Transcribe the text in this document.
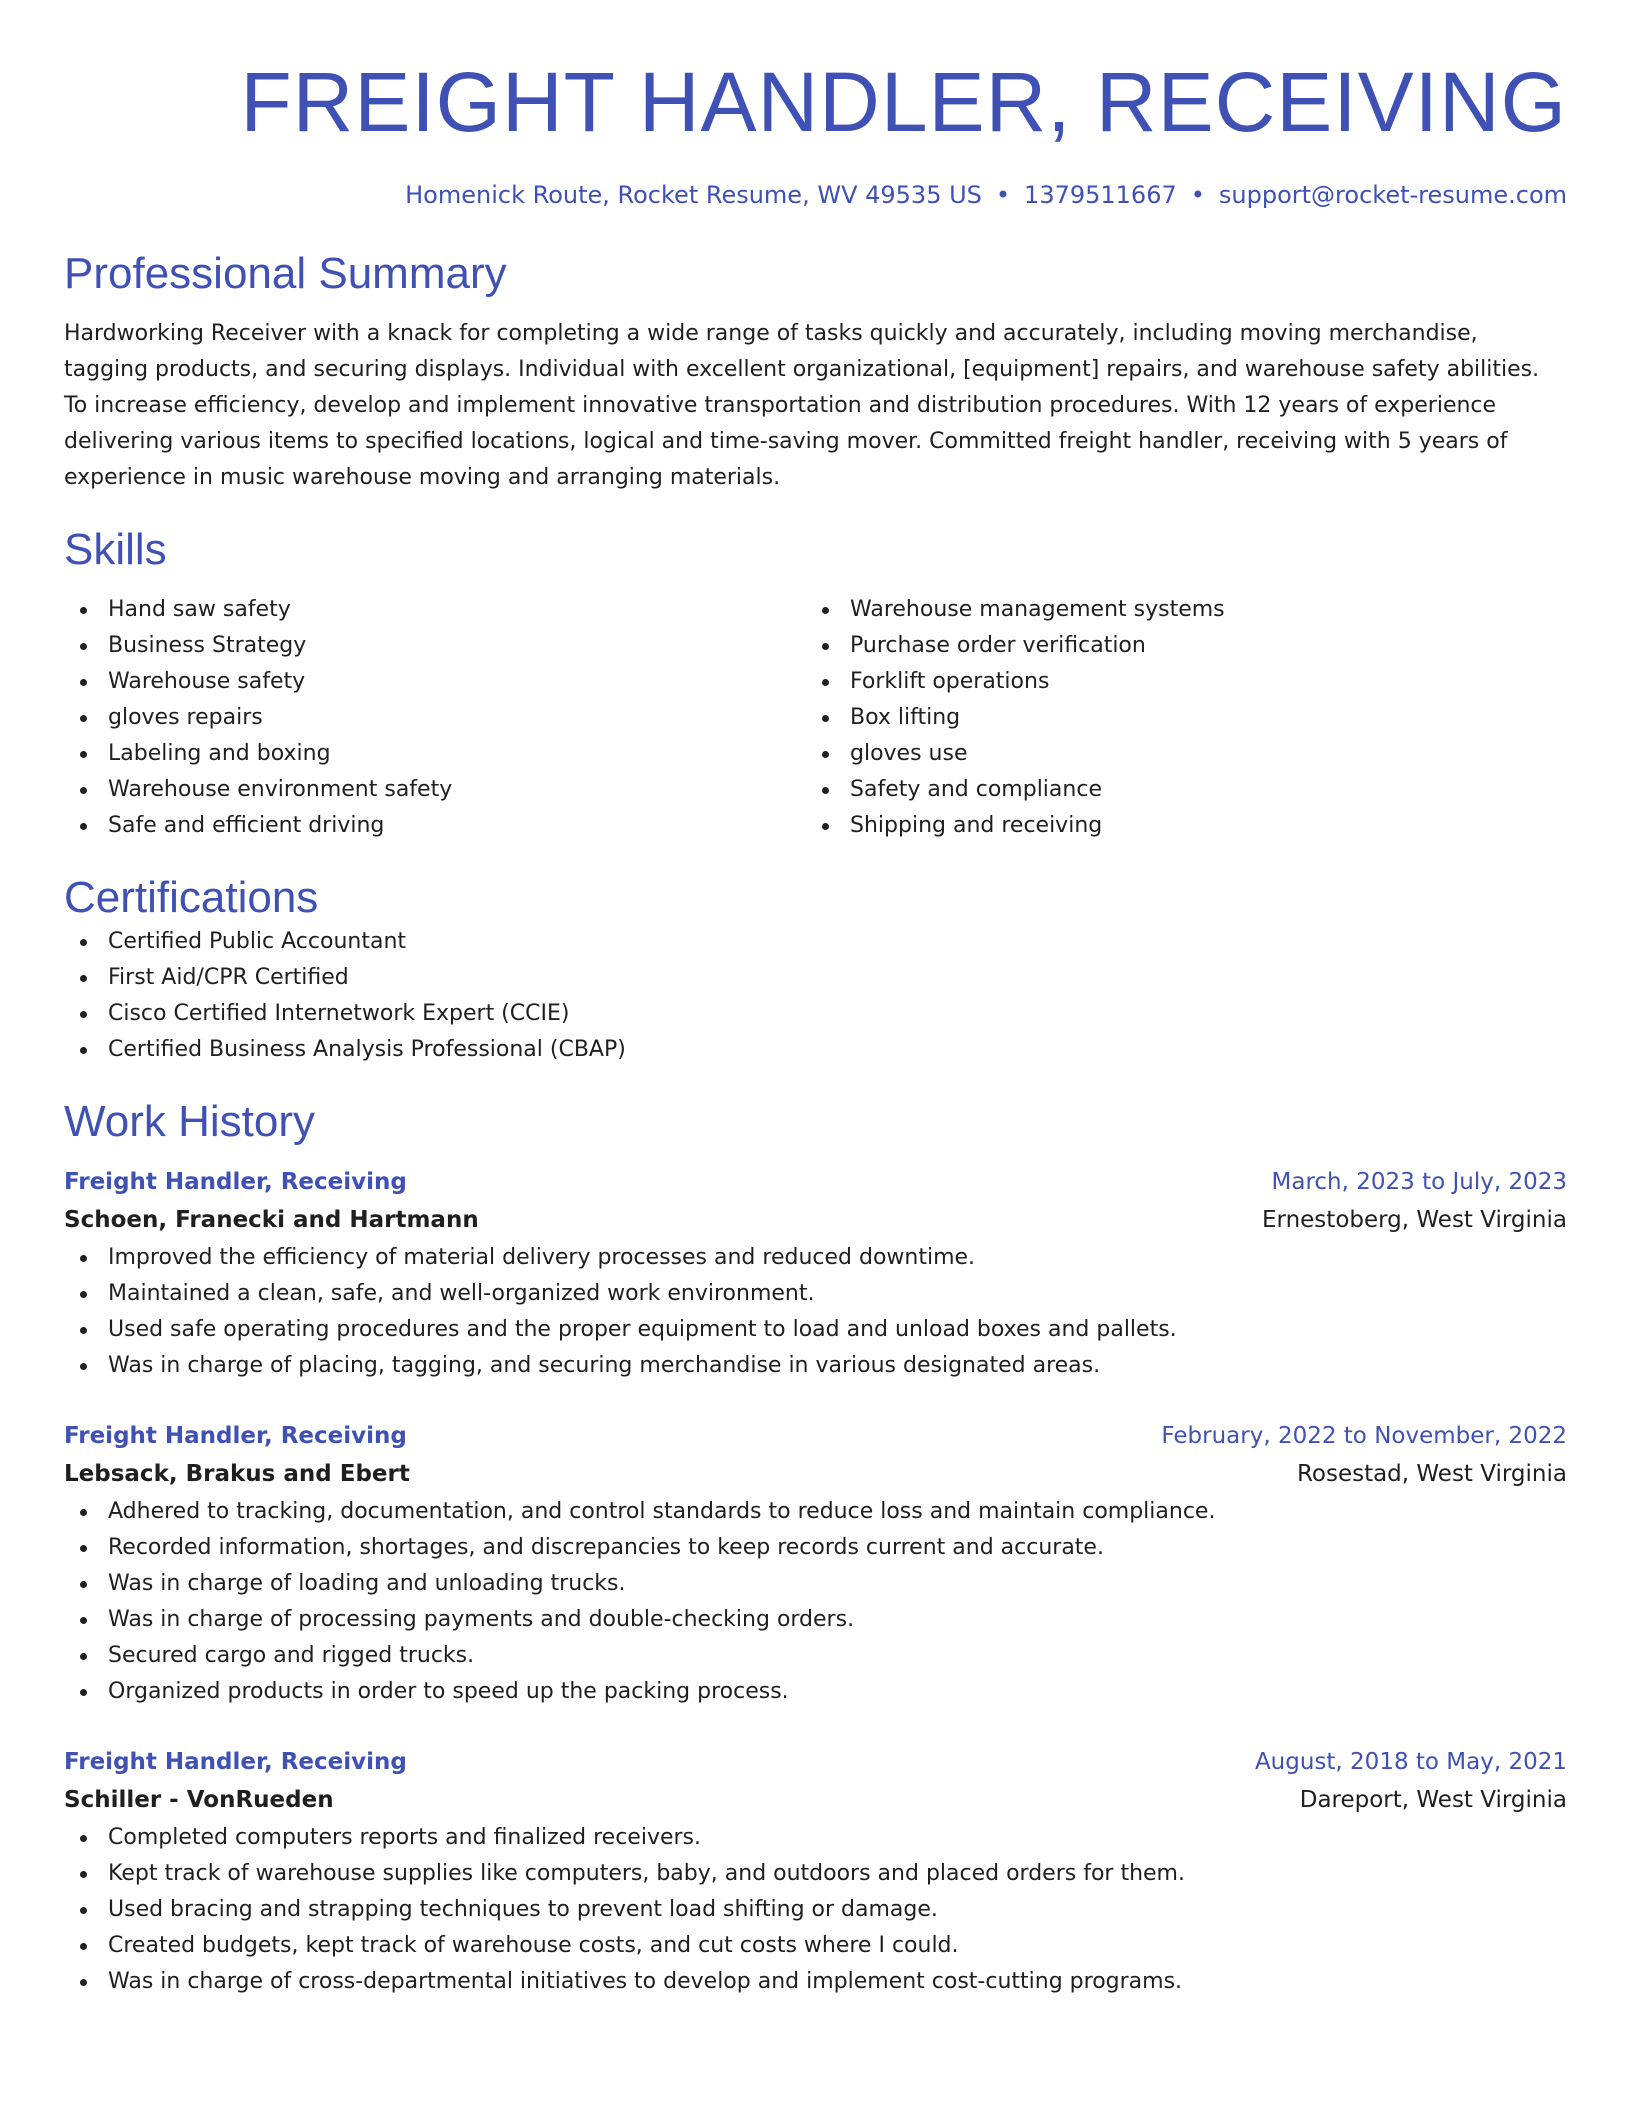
FREIGHT HANDLER, RECEIVING
Homenick Route, Rocket Resume, WV 49535 US • 1379511667 • support@rocket-resume.com
Professional Summary

Hardworking Receiver with a knack for completing a wide range of tasks quickly and accurately, including moving merchandise, tagging products, and securing displays. Individual with excellent organizational, [equipment] repairs, and warehouse safety abilities. To increase efficiency, develop and implement innovative transportation and distribution procedures. With 12 years of experience delivering various items to specified locations, logical and time-saving mover. Committed freight handler, receiving with 5 years of experience in music warehouse moving and arranging materials.

Skills
Hand saw safety
Business Strategy
Warehouse safety
gloves repairs
Labeling and boxing
Warehouse environment safety
Safe and efficient driving
Warehouse management systems
Purchase order verification
Forklift operations
Box lifting
gloves use
Safety and compliance
Shipping and receiving
Certifications
Certified Public Accountant
First Aid/CPR Certified
Cisco Certified Internetwork Expert (CCIE)
Certified Business Analysis Professional (CBAP)
Work History
Freight Handler, Receiving	March, 2023 to July, 2023
Schoen, Franecki and Hartmann	Ernestoberg, West Virginia
Improved the efficiency of material delivery processes and reduced downtime.
Maintained a clean, safe, and well-organized work environment.
Used safe operating procedures and the proper equipment to load and unload boxes and pallets.
Was in charge of placing, tagging, and securing merchandise in various designated areas.
Freight Handler, Receiving	February, 2022 to November, 2022
Lebsack, Brakus and Ebert	Rosestad, West Virginia
Adhered to tracking, documentation, and control standards to reduce loss and maintain compliance.
Recorded information, shortages, and discrepancies to keep records current and accurate.
Was in charge of loading and unloading trucks.
Was in charge of processing payments and double-checking orders.
Secured cargo and rigged trucks.
Organized products in order to speed up the packing process.
Freight Handler, Receiving	August, 2018 to May, 2021
Schiller - VonRueden	Dareport, West Virginia
Completed computers reports and finalized receivers.
Kept track of warehouse supplies like computers, baby, and outdoors and placed orders for them.
Used bracing and strapping techniques to prevent load shifting or damage.
Created budgets, kept track of warehouse costs, and cut costs where I could.
Was in charge of cross-departmental initiatives to develop and implement cost-cutting programs.
